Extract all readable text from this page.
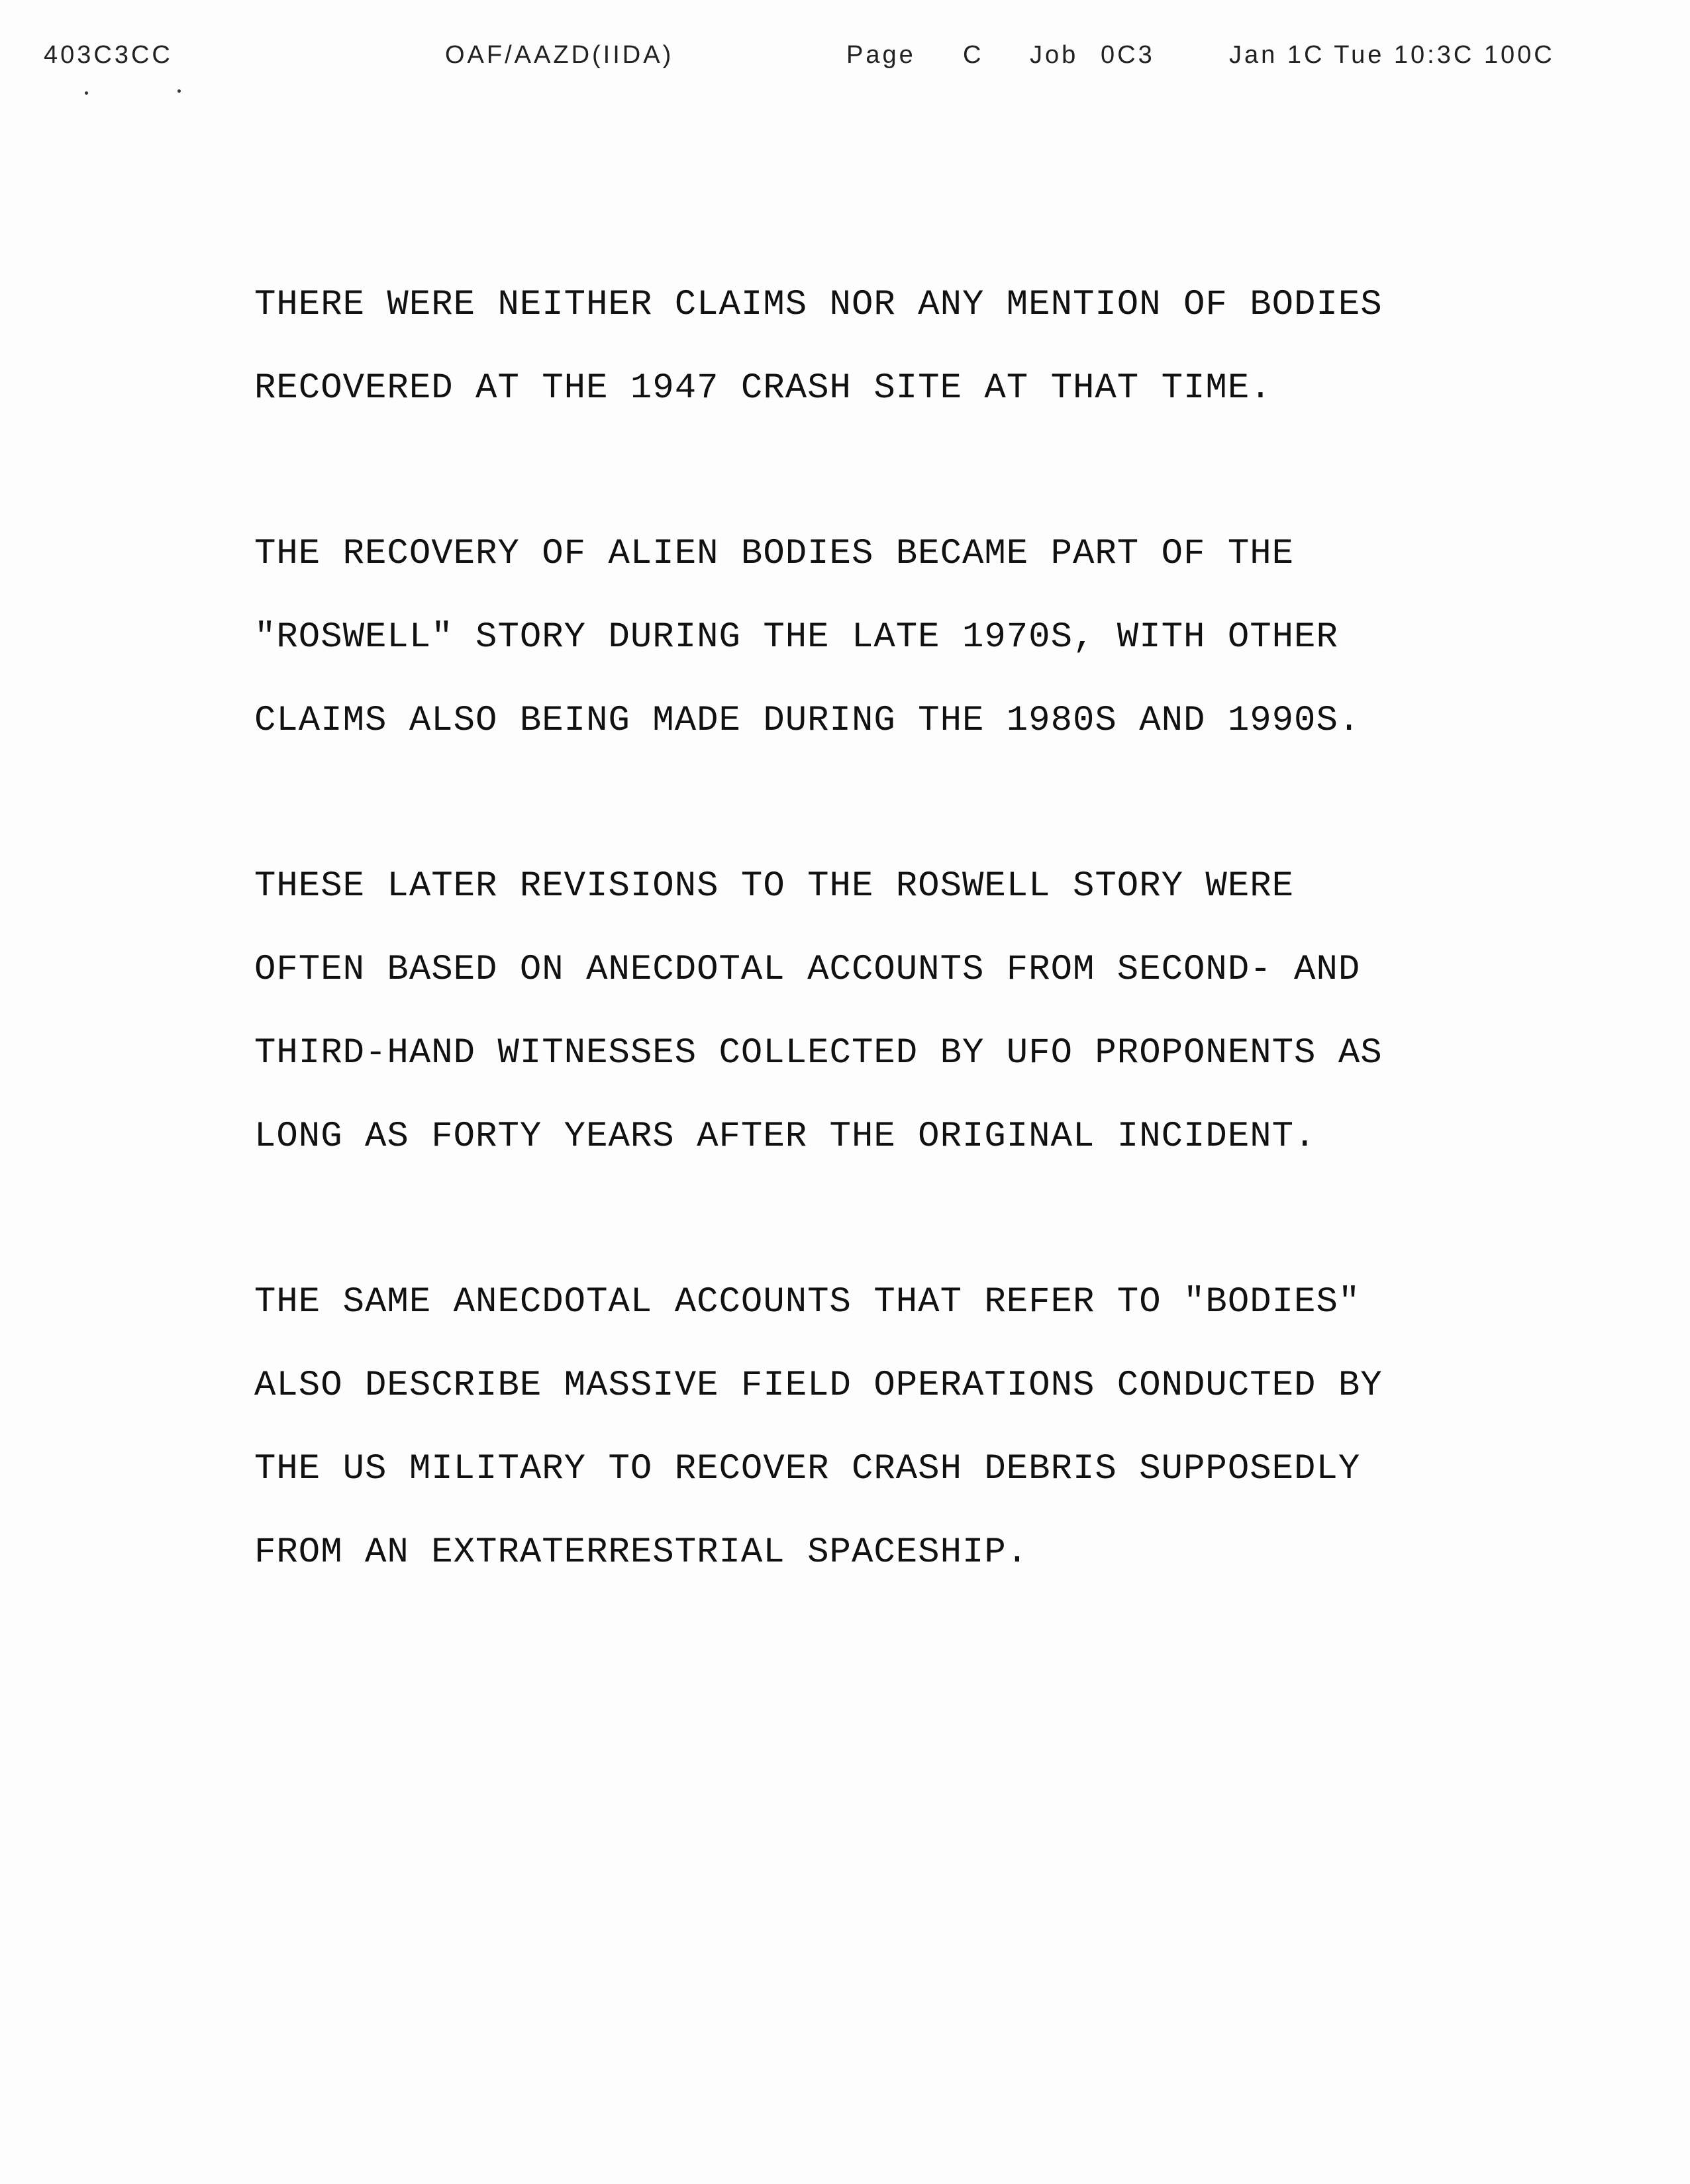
403C3CC	OAF/AAZD(IIDA)	Page C Job 0C3	Jan 1C Tue 10:3C 100C

THERE WERE NEITHER CLAIMS NOR ANY MENTION OF BODIES
RECOVERED AT THE 1947 CRASH SITE AT THAT TIME.

THE RECOVERY OF ALIEN BODIES BECAME PART OF THE
"ROSWELL" STORY DURING THE LATE 1970S, WITH OTHER
CLAIMS ALSO BEING MADE DURING THE 1980S AND 1990S.

THESE LATER REVISIONS TO THE ROSWELL STORY WERE
OFTEN BASED ON ANECDOTAL ACCOUNTS FROM SECOND- AND
THIRD-HAND WITNESSES COLLECTED BY UFO PROPONENTS AS
LONG AS FORTY YEARS AFTER THE ORIGINAL INCIDENT.

THE SAME ANECDOTAL ACCOUNTS THAT REFER TO "BODIES"
ALSO DESCRIBE MASSIVE FIELD OPERATIONS CONDUCTED BY
THE US MILITARY TO RECOVER CRASH DEBRIS SUPPOSEDLY
FROM AN EXTRATERRESTRIAL SPACESHIP.
